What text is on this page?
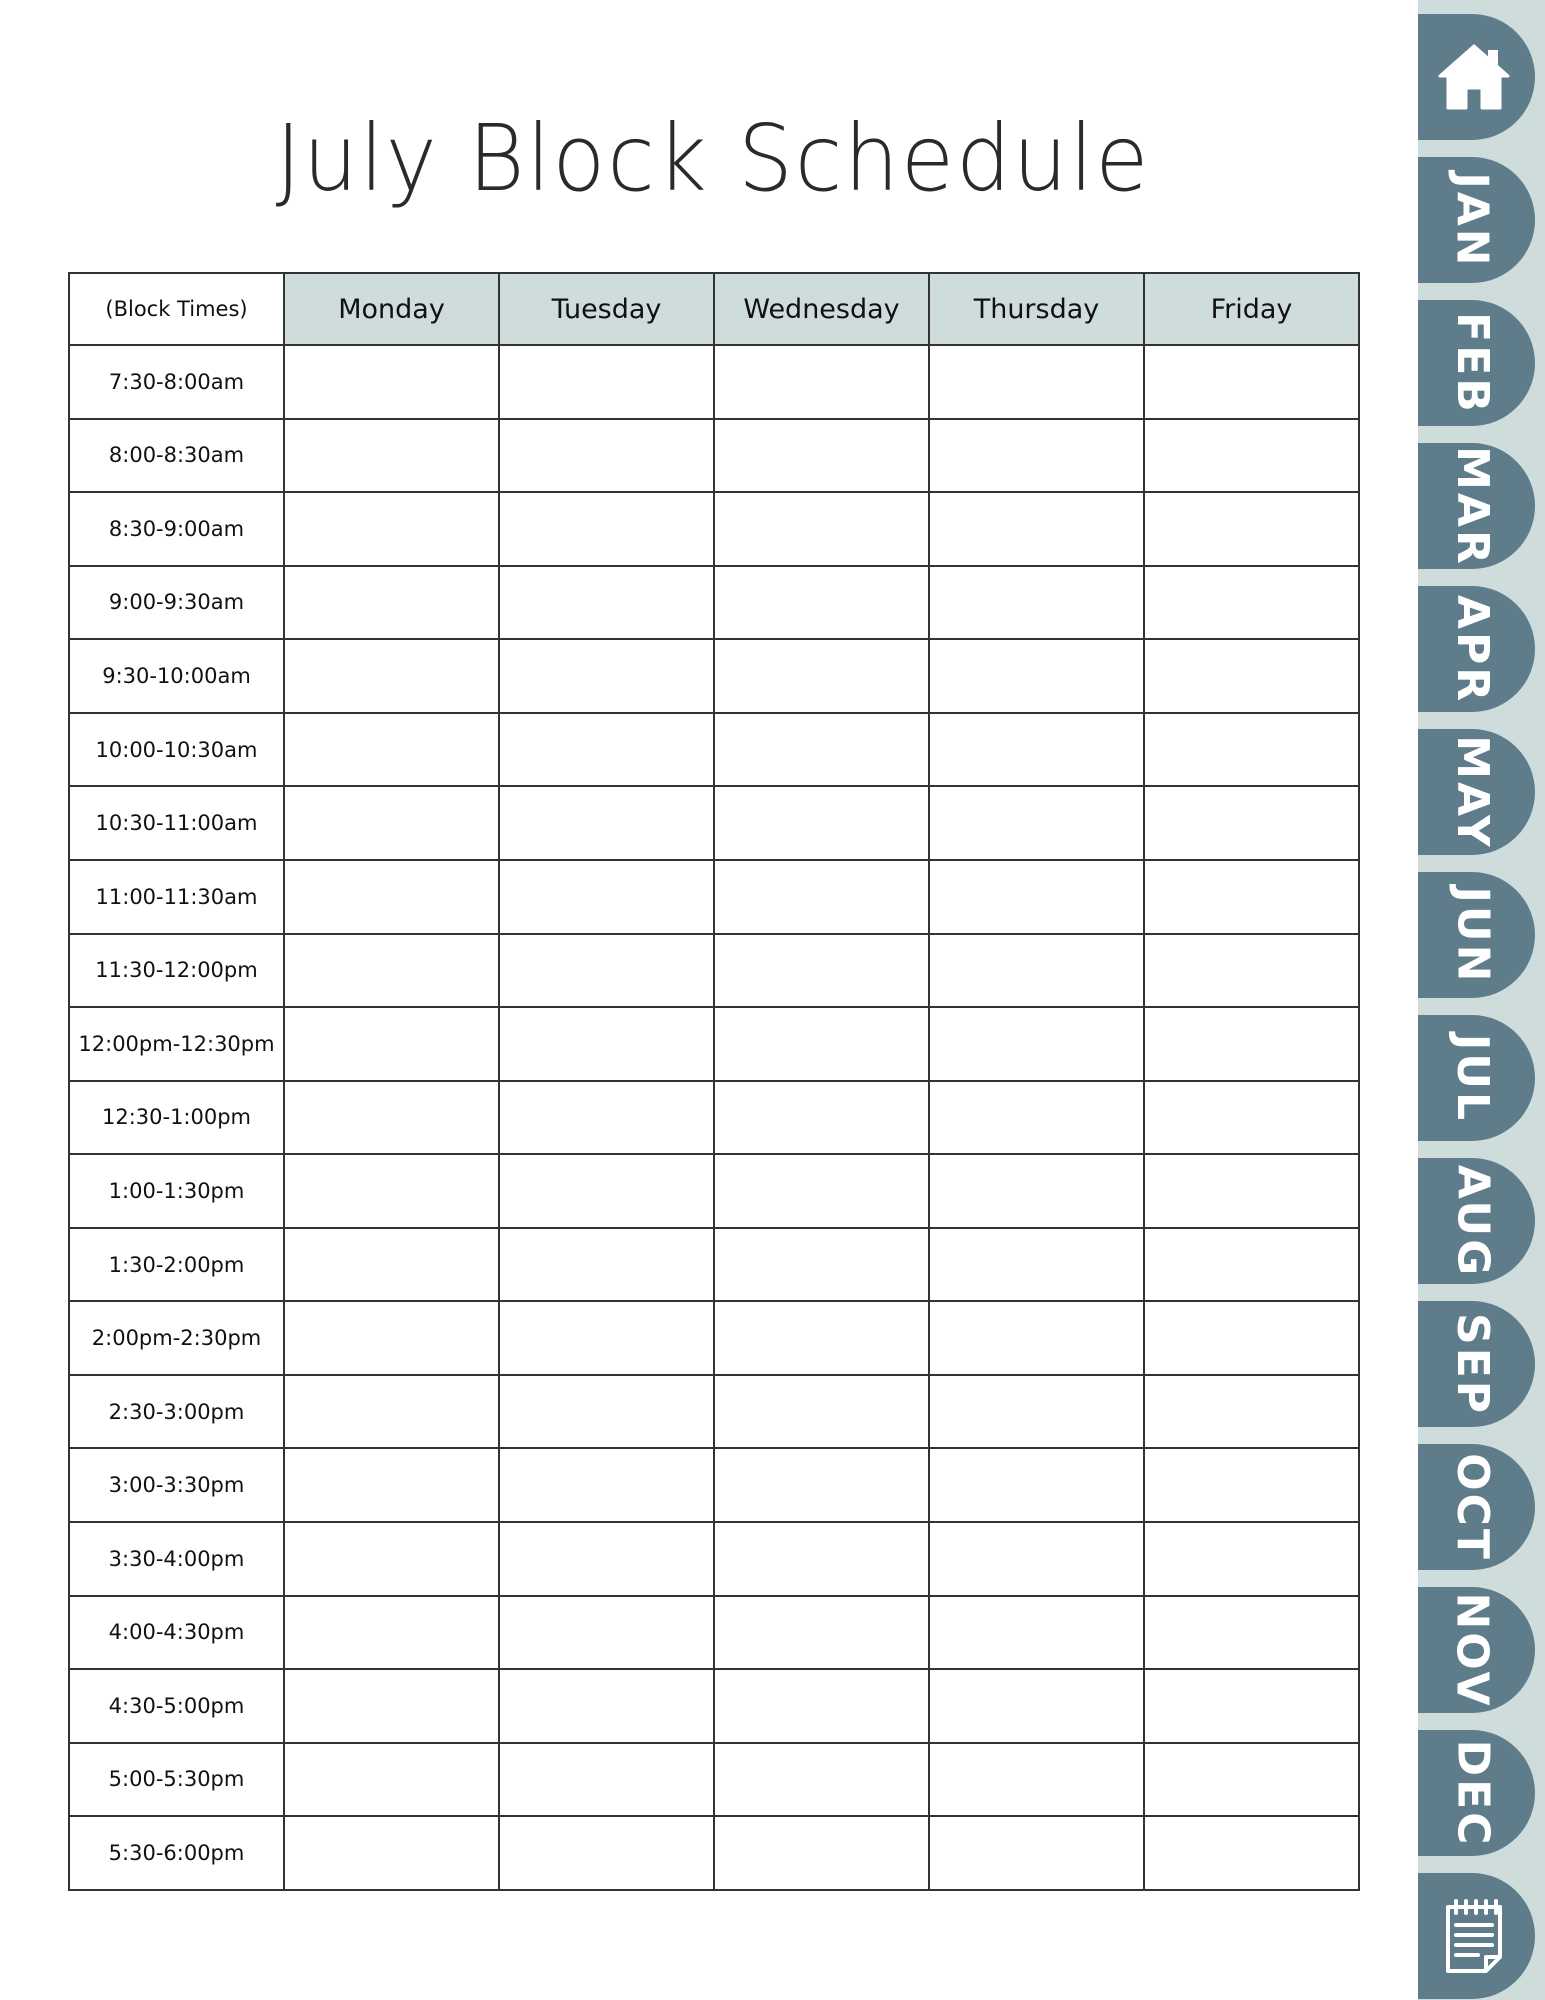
July Block Schedule
(Block Times)	Monday	Tuesday	Wednesday	Thursday	Friday
7:30-8:00am					
8:00-8:30am					
8:30-9:00am					
9:00-9:30am					
9:30-10:00am					
10:00-10:30am					
10:30-11:00am					
11:00-11:30am					
11:30-12:00pm					
12:00pm-12:30pm					
12:30-1:00pm					
1:00-1:30pm					
1:30-2:00pm					
2:00pm-2:30pm					
2:30-3:00pm					
3:00-3:30pm					
3:30-4:00pm					
4:00-4:30pm					
4:30-5:00pm					
5:00-5:30pm					
5:30-6:00pm					
JAN
FEB
MAR
APR
MAY
JUN
JUL
AUG
SEP
OCT
NOV
DEC
